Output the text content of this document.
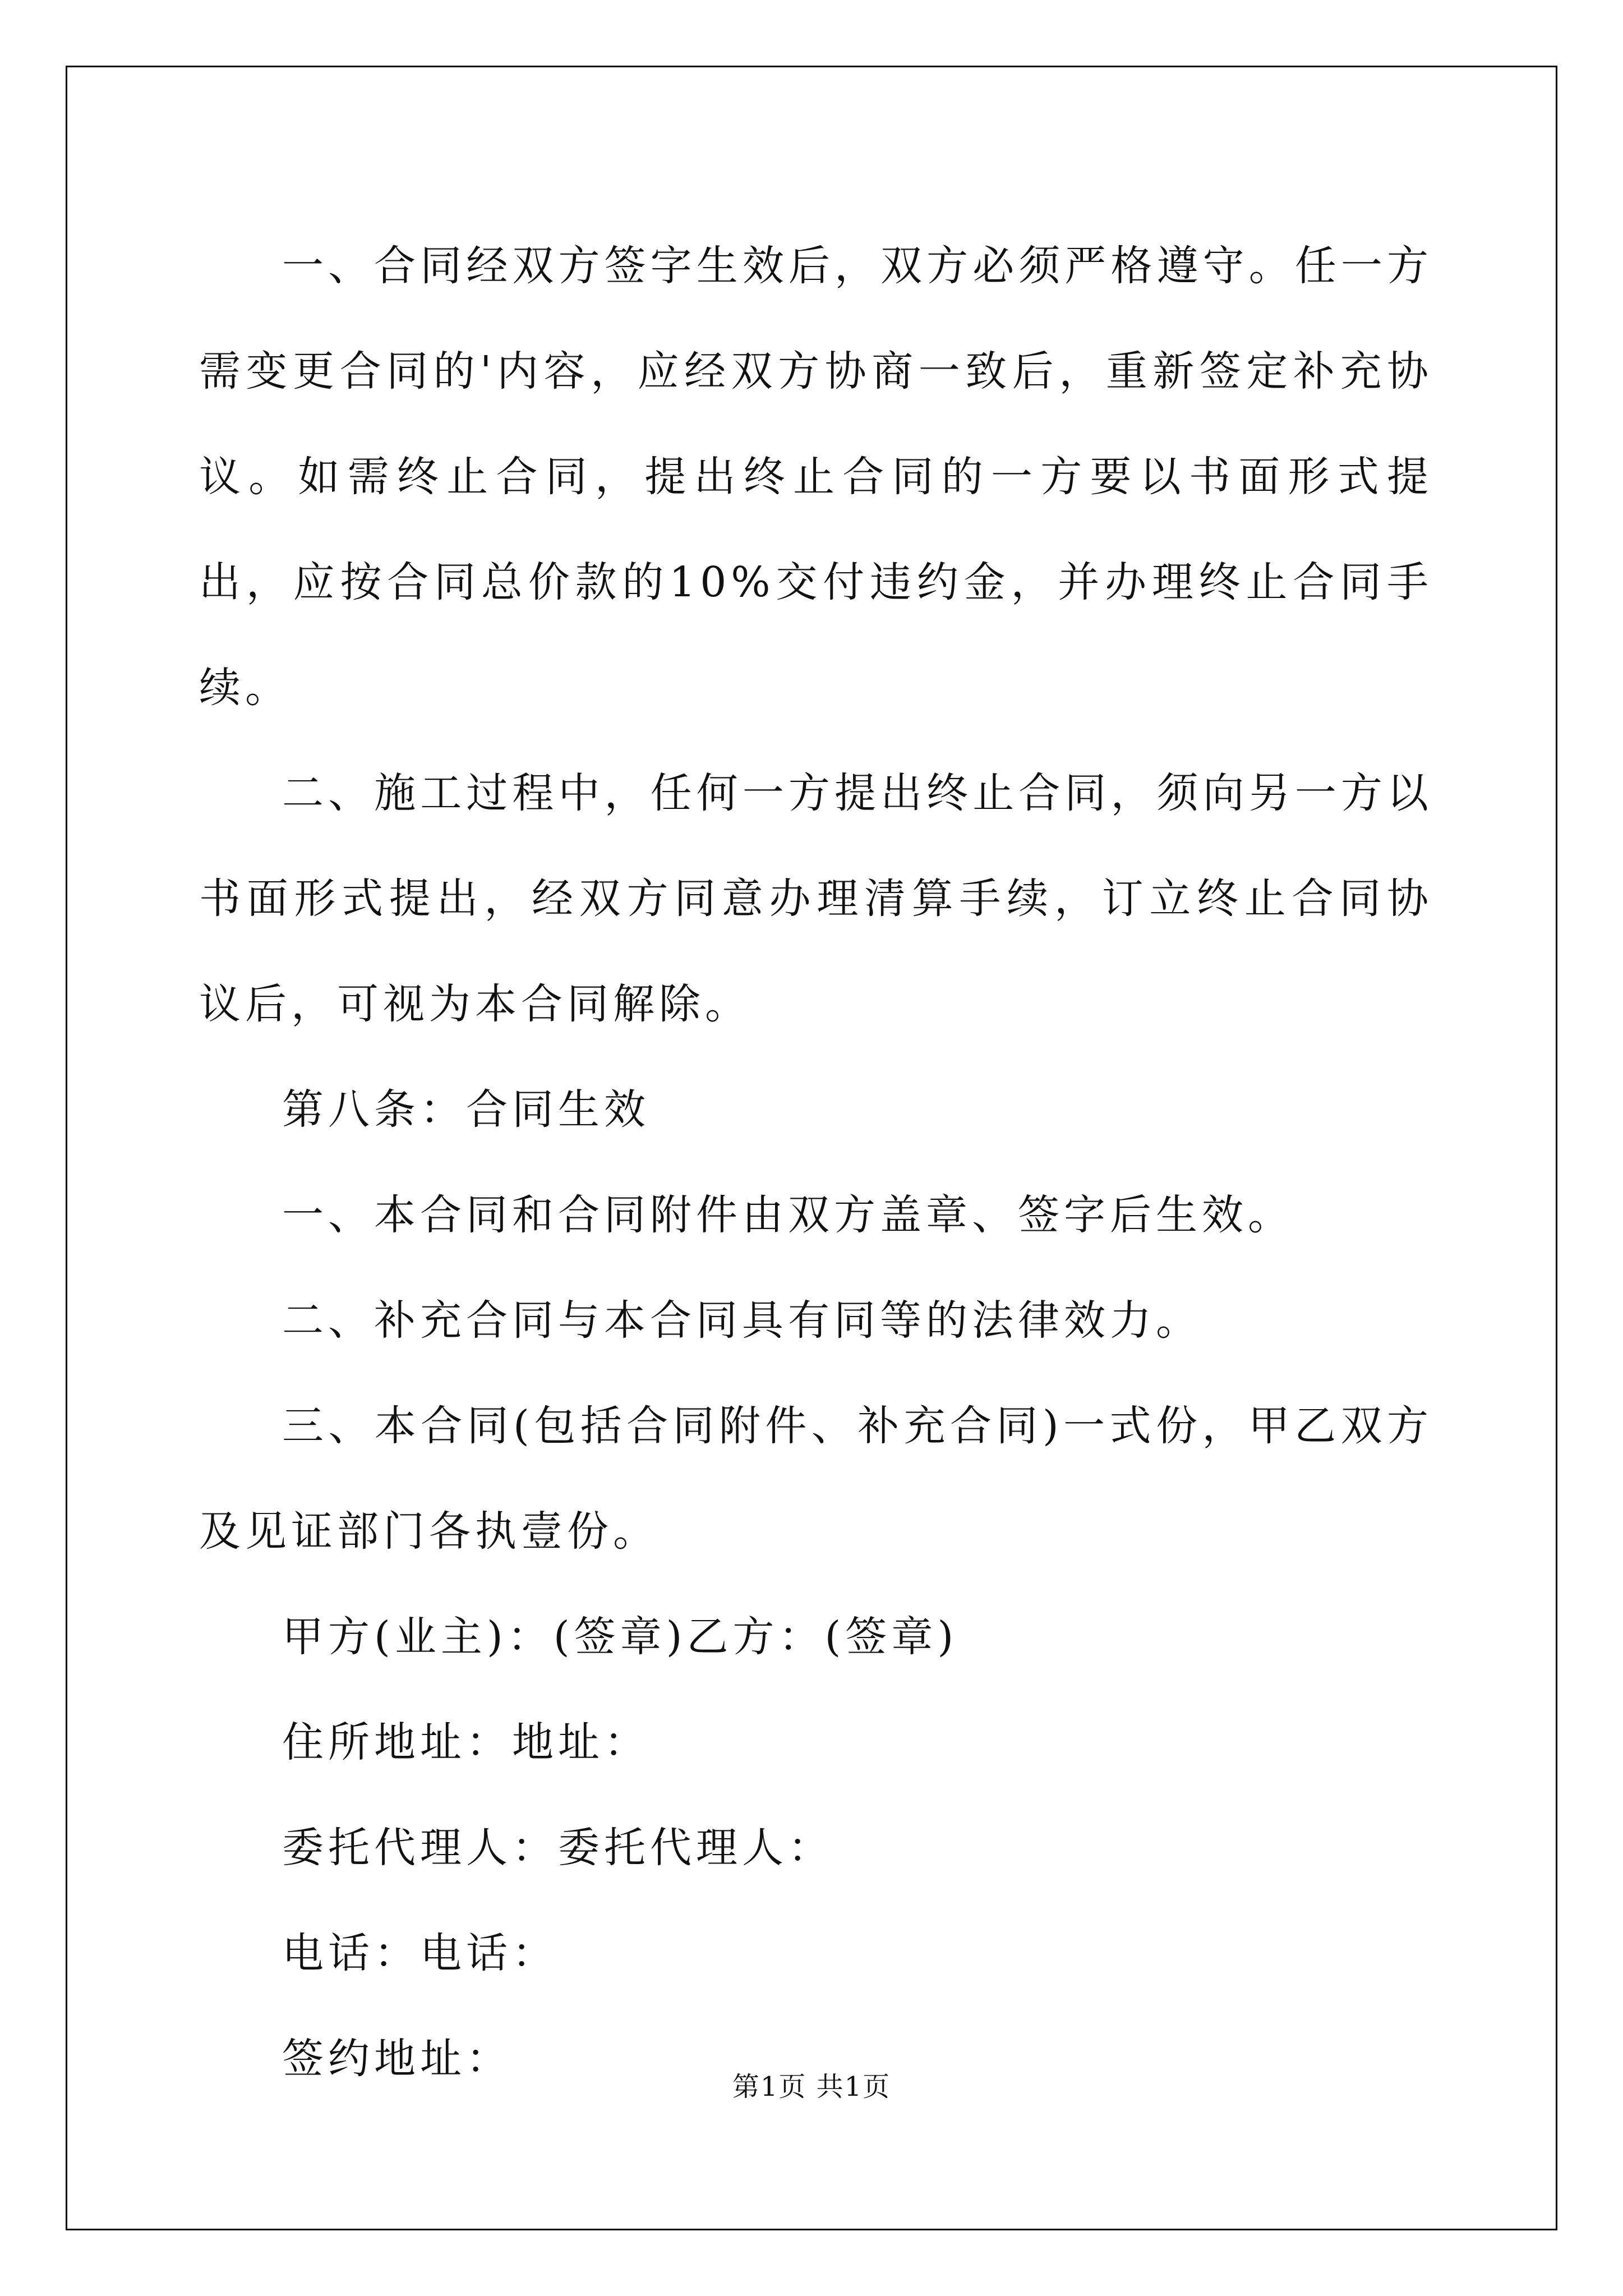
一、合同经双方签字生效后，双方必须严格遵守。任一方需变更合同的'内容，应经双方协商一致后，重新签定补充协议。如需终止合同，提出终止合同的一方要以书面形式提出，应按合同总价款的10%交付违约金，并办理终止合同手续。

二、施工过程中，任何一方提出终止合同，须向另一方以书面形式提出，经双方同意办理清算手续，订立终止合同协议后，可视为本合同解除。

第八条：合同生效

一、本合同和合同附件由双方盖章、签字后生效。

二、补充合同与本合同具有同等的法律效力。

三、本合同(包括合同附件、补充合同)一式份，甲乙双方及见证部门各执壹份。

甲方(业主)：(签章)乙方：(签章)

住所地址：地址：

委托代理人：委托代理人：

电话：电话：

签约地址：

第1页 共1页
